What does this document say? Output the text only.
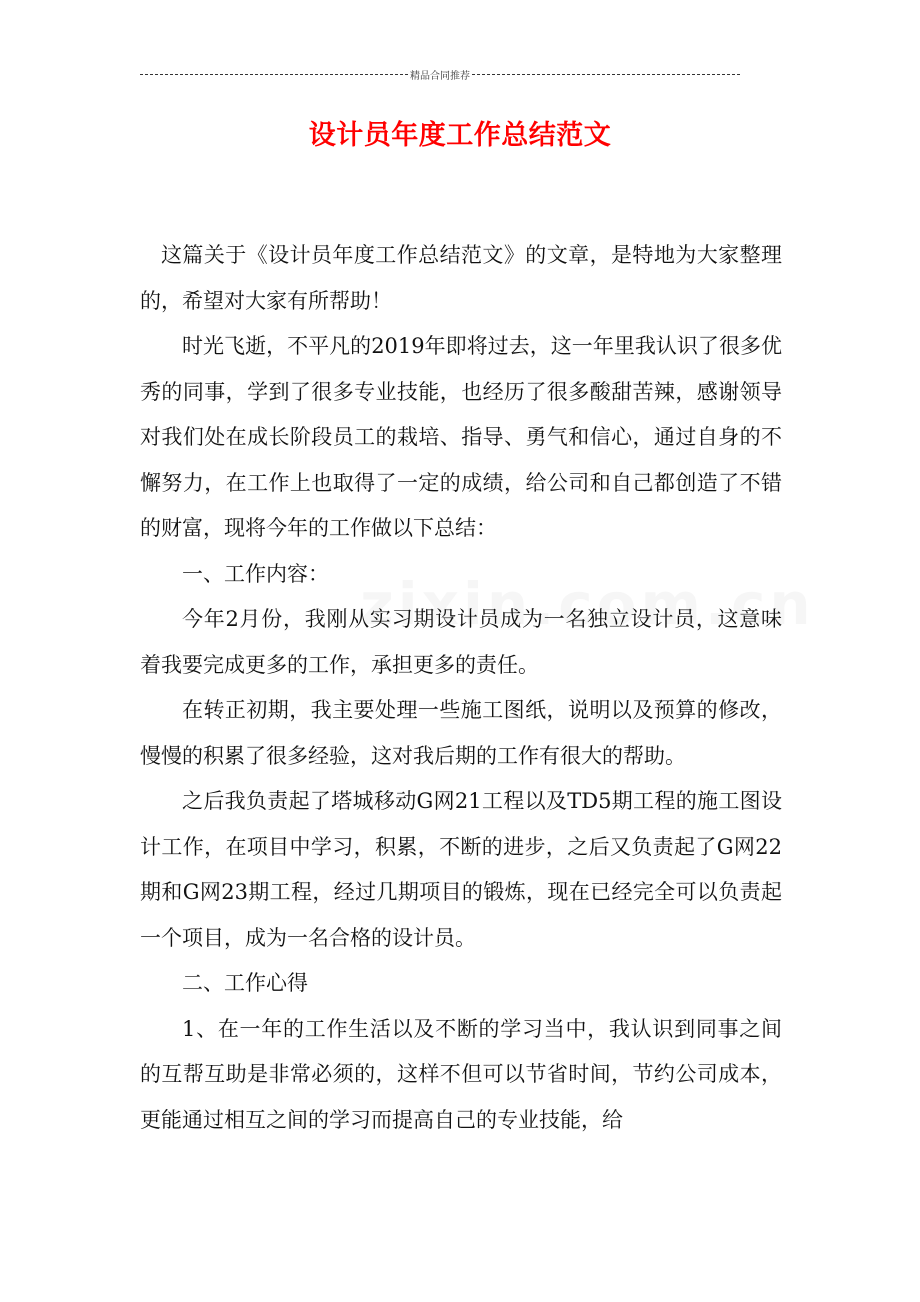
精品合同推荐
设计员年度工作总结范文

这篇关于《设计员年度工作总结范文》的文章，是特地为大家整理的，希望对大家有所帮助！

时光飞逝，不平凡的2019年即将过去，这一年里我认识了很多优秀的同事，学到了很多专业技能，也经历了很多酸甜苦辣，感谢领导对我们处在成长阶段员工的栽培、指导、勇气和信心，通过自身的不懈努力，在工作上也取得了一定的成绩，给公司和自己都创造了不错的财富，现将今年的工作做以下总结：

一、工作内容：

今年2月份，我刚从实习期设计员成为一名独立设计员，这意味着我要完成更多的工作，承担更多的责任。

在转正初期，我主要处理一些施工图纸，说明以及预算的修改，慢慢的积累了很多经验，这对我后期的工作有很大的帮助。

之后我负责起了塔城移动G网21工程以及TD5期工程的施工图设计工作，在项目中学习，积累，不断的进步，之后又负责起了G网22期和G网23期工程，经过几期项目的锻炼，现在已经完全可以负责起一个项目，成为一名合格的设计员。

二、工作心得

1、在一年的工作生活以及不断的学习当中，我认识到同事之间的互帮互助是非常必须的，这样不但可以节省时间，节约公司成本，更能通过相互之间的学习而提高自己的专业技能，给
